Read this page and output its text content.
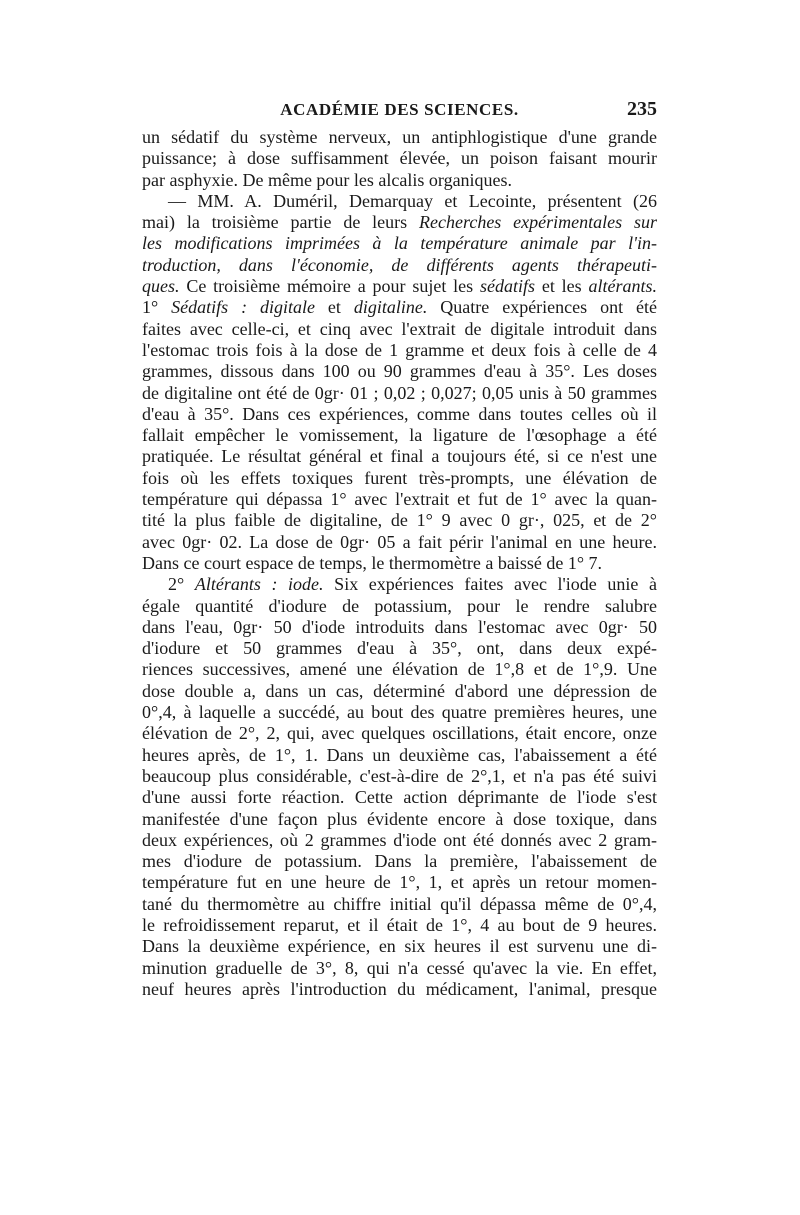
ACADÉMIE DES SCIENCES.	235
un sédatif du système nerveux, un antiphlogistique d'une grande
puissance; à dose suffisamment élevée, un poison faisant mourir
par asphyxie. De même pour les alcalis organiques.
— MM. A. Duméril, Demarquay et Lecointe, présentent (26
mai) la troisième partie de leurs Recherches expérimentales sur
les modifications imprimées à la température animale par l'in-
troduction, dans l'économie, de différents agents thérapeuti-
ques. Ce troisième mémoire a pour sujet les sédatifs et les altérants.
1° Sédatifs : digitale et digitaline. Quatre expériences ont été
faites avec celle-ci, et cinq avec l'extrait de digitale introduit dans
l'estomac trois fois à la dose de 1 gramme et deux fois à celle de 4
grammes, dissous dans 100 ou 90 grammes d'eau à 35°. Les doses
de digitaline ont été de 0gr· 01 ; 0,02 ; 0,027; 0,05 unis à 50 grammes
d'eau à 35°. Dans ces expériences, comme dans toutes celles où il
fallait empêcher le vomissement, la ligature de l'œsophage a été
pratiquée. Le résultat général et final a toujours été, si ce n'est une
fois où les effets toxiques furent très-prompts, une élévation de
température qui dépassa 1° avec l'extrait et fut de 1° avec la quan-
tité la plus faible de digitaline, de 1° 9 avec 0 gr·, 025, et de 2°
avec 0gr· 02. La dose de 0gr· 05 a fait périr l'animal en une heure.
Dans ce court espace de temps, le thermomètre a baissé de 1° 7.
2° Altérants : iode. Six expériences faites avec l'iode unie à
égale quantité d'iodure de potassium, pour le rendre salubre
dans l'eau, 0gr· 50 d'iode introduits dans l'estomac avec 0gr· 50
d'iodure et 50 grammes d'eau à 35°, ont, dans deux expé-
riences successives, amené une élévation de 1°,8 et de 1°,9. Une
dose double a, dans un cas, déterminé d'abord une dépression de
0°,4, à laquelle a succédé, au bout des quatre premières heures, une
élévation de 2°, 2, qui, avec quelques oscillations, était encore, onze
heures après, de 1°, 1. Dans un deuxième cas, l'abaissement a été
beaucoup plus considérable, c'est-à-dire de 2°,1, et n'a pas été suivi
d'une aussi forte réaction. Cette action déprimante de l'iode s'est
manifestée d'une façon plus évidente encore à dose toxique, dans
deux expériences, où 2 grammes d'iode ont été donnés avec 2 gram-
mes d'iodure de potassium. Dans la première, l'abaissement de
température fut en une heure de 1°, 1, et après un retour momen-
tané du thermomètre au chiffre initial qu'il dépassa même de 0°,4,
le refroidissement reparut, et il était de 1°, 4 au bout de 9 heures.
Dans la deuxième expérience, en six heures il est survenu une di-
minution graduelle de 3°, 8, qui n'a cessé qu'avec la vie. En effet,
neuf heures après l'introduction du médicament, l'animal, presque
